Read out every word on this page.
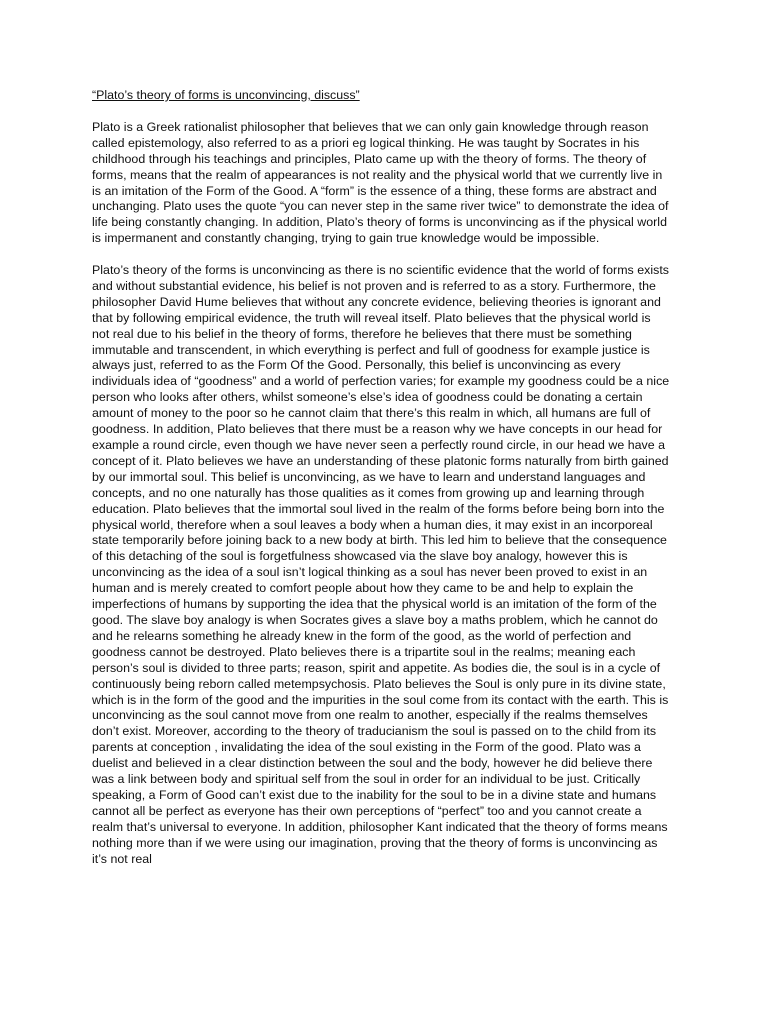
“Plato’s theory of forms is unconvincing, discuss”

Plato is a Greek rationalist philosopher that believes that we can only gain knowledge through reason called epistemology, also referred to as a priori eg logical thinking. He was taught by Socrates in his childhood through his teachings and principles, Plato came up with the theory of forms. The theory of forms, means that the realm of appearances is not reality and the physical world that we currently live in is an imitation of the Form of the Good. A “form” is the essence of a thing, these forms are abstract and unchanging. Plato uses the quote “you can never step in the same river twice” to demonstrate the idea of life being constantly changing. In addition, Plato’s theory of forms is unconvincing as if the physical world is impermanent and constantly changing, trying to gain true knowledge would be impossible.

Plato’s theory of the forms is unconvincing as there is no scientific evidence that the world of forms exists and without substantial evidence, his belief is not proven and is referred to as a story. Furthermore, the philosopher David Hume believes that without any concrete evidence, believing theories is ignorant and that by following empirical evidence, the truth will reveal itself. Plato believes that the physical world is not real due to his belief in the theory of forms, therefore he believes that there must be something immutable and transcendent, in which everything is perfect and full of goodness for example justice is always just, referred to as the Form Of the Good. Personally, this belief is unconvincing as every individuals idea of “goodness” and a world of perfection varies; for example my goodness could be a nice person who looks after others, whilst someone’s else’s idea of goodness could be donating a certain amount of money to the poor so he cannot claim that there’s this realm in which, all humans are full of goodness. In addition, Plato believes that there must be a reason why we have concepts in our head for example a round circle, even though we have never seen a perfectly round circle, in our head we have a concept of it. Plato believes we have an understanding of these platonic forms naturally from birth gained by our immortal soul. This belief is unconvincing, as we have to learn and understand languages and concepts, and no one naturally has those qualities as it comes from growing up and learning through education. Plato believes that the immortal soul lived in the realm of the forms before being born into the physical world, therefore when a soul leaves a body when a human dies, it may exist in an incorporeal state temporarily before joining back to a new body at birth. This led him to believe that the consequence of this detaching of the soul is forgetfulness showcased via the slave boy analogy, however this is unconvincing as the idea of a soul isn’t logical thinking as a soul has never been proved to exist in an human and is merely created to comfort people about how they came to be and help to explain the imperfections of humans by supporting the idea that the physical world is an imitation of the form of the good. The slave boy analogy is when Socrates gives a slave boy a maths problem, which he cannot do and he relearns something he already knew in the form of the good, as the world of perfection and goodness cannot be destroyed. Plato believes there is a tripartite soul in the realms; meaning each person’s soul is divided to three parts; reason, spirit and appetite. As bodies die, the soul is in a cycle of continuously being reborn called metempsychosis. Plato believes the Soul is only pure in its divine state, which is in the form of the good and the impurities in the soul come from its contact with the earth. This is unconvincing as the soul cannot move from one realm to another, especially if the realms themselves don’t exist. Moreover, according to the theory of traducianism the soul is passed on to the child from its parents at conception , invalidating the idea of the soul existing in the Form of the good. Plato was a duelist and believed in a clear distinction between the soul and the body, however he did believe there was a link between body and spiritual self from the soul in order for an individual to be just. Critically speaking, a Form of Good can’t exist due to the inability for the soul to be in a divine state and humans cannot all be perfect as everyone has their own perceptions of “perfect” too and you cannot create a realm that’s universal to everyone. In addition, philosopher Kant indicated that the theory of forms means nothing more than if we were using our imagination, proving that the theory of forms is unconvincing as it’s not real
